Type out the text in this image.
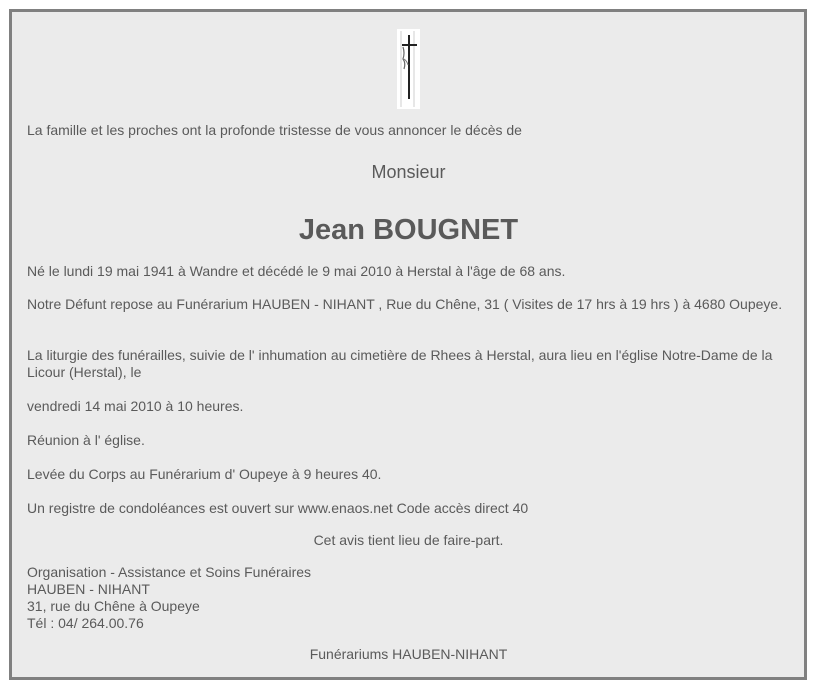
La famille et les proches ont la profonde tristesse de vous annoncer le décès de

Monsieur

Jean BOUGNET

Né le lundi 19 mai 1941 à Wandre et décédé le 9 mai 2010 à Herstal à l'âge de 68 ans.

Notre Défunt repose au Funérarium HAUBEN - NIHANT , Rue du Chêne, 31 ( Visites de 17 hrs à 19 hrs ) à 4680 Oupeye.

La liturgie des funérailles, suivie de l' inhumation au cimetière de Rhees à Herstal, aura lieu en l'église Notre-Dame de la Licour (Herstal), le

vendredi 14 mai 2010 à 10 heures.

Réunion à l' église.

Levée du Corps au Funérarium d' Oupeye à 9 heures 40.

Un registre de condoléances est ouvert sur www.enaos.net Code accès direct 40

Cet avis tient lieu de faire-part.

Organisation - Assistance et Soins Funéraires

HAUBEN - NIHANT

31, rue du Chêne à Oupeye

Tél : 04/ 264.00.76

Funérariums HAUBEN-NIHANT
